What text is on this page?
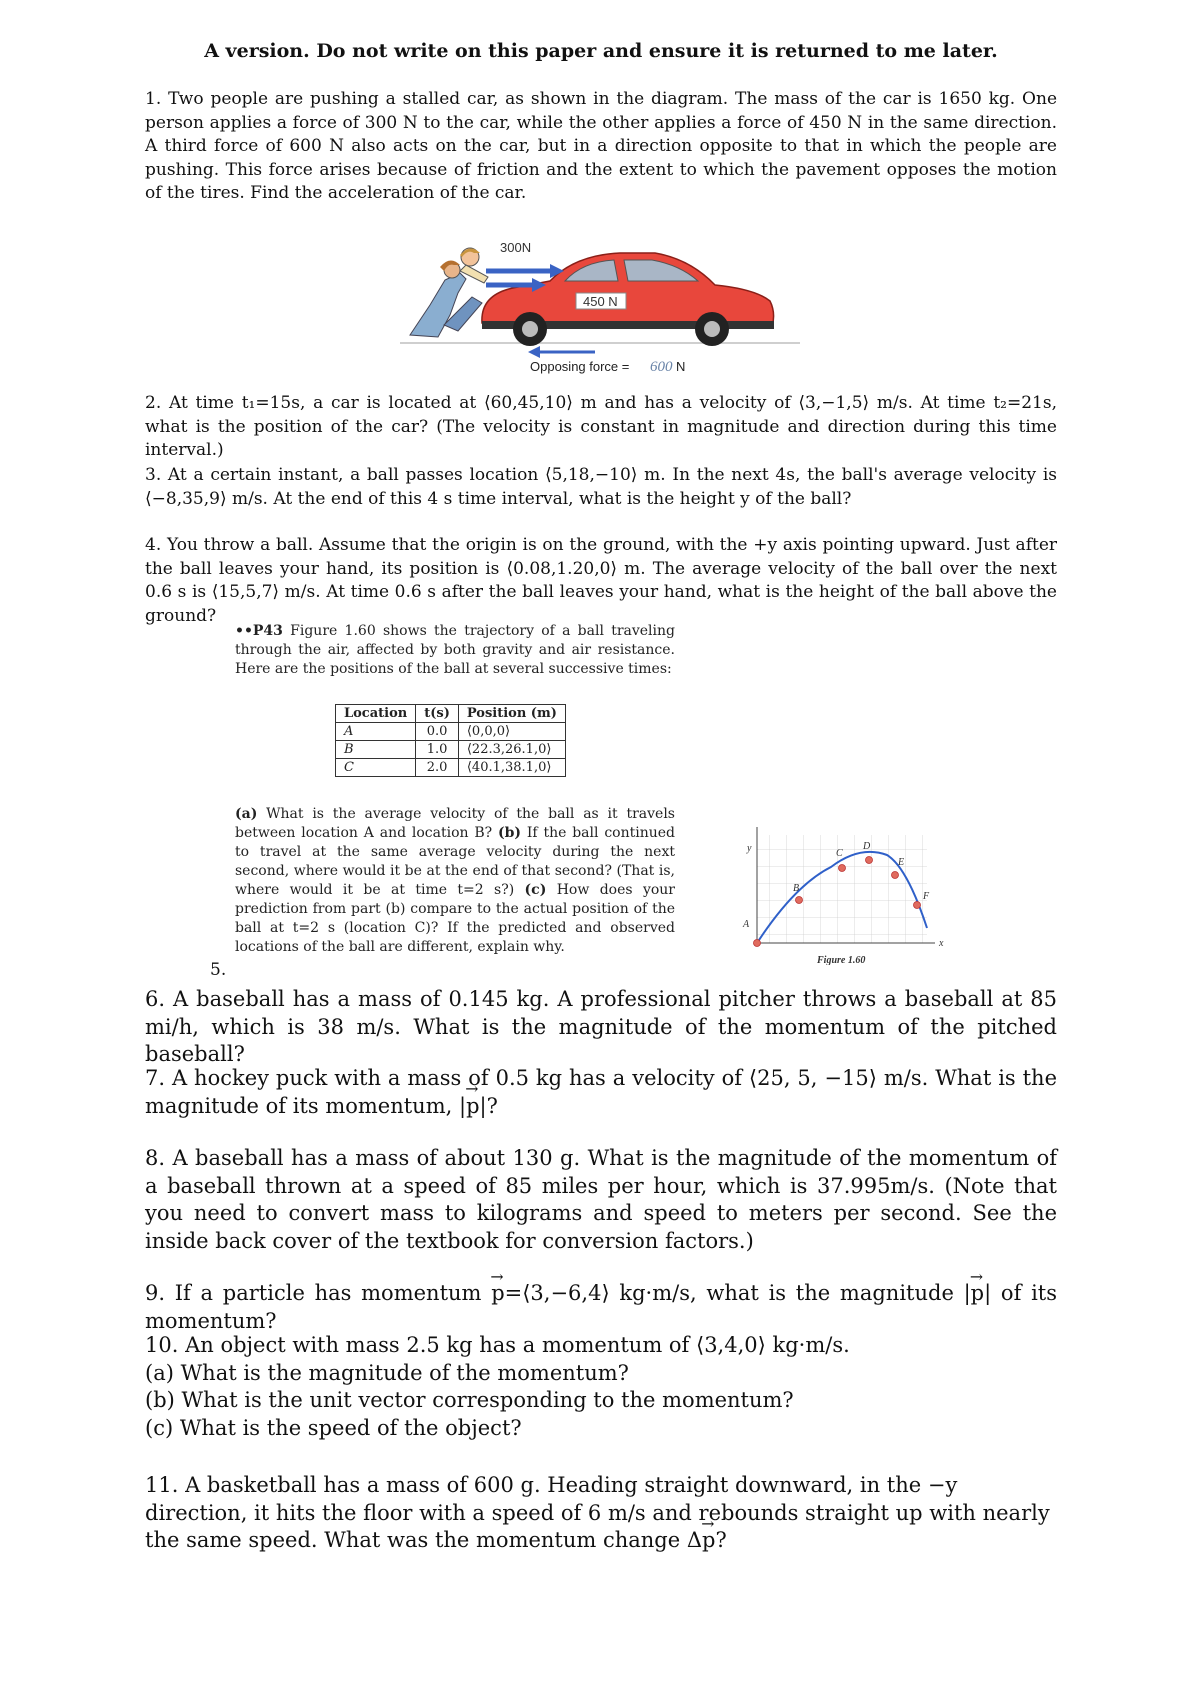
A version. Do not write on this paper and ensure it is returned to me later.

1. Two people are pushing a stalled car, as shown in the diagram. The mass of the car is 1650 kg. One person applies a force of 300 N to the car, while the other applies a force of 450 N in the same direction. A third force of 600 N also acts on the car, but in a direction opposite to that in which the people are pushing. This force arises because of friction and the extent to which the pavement opposes the motion of the tires. Find the acceleration of the car.

300N
450 N
Opposing force = 600 N

2. At time t₁=15s, a car is located at ⟨60,45,10⟩ m and has a velocity of ⟨3,−1,5⟩ m/s. At time t₂=21s, what is the position of the car? (The velocity is constant in magnitude and direction during this time interval.)

3. At a certain instant, a ball passes location ⟨5,18,−10⟩ m. In the next 4s, the ball's average velocity is ⟨−8,35,9⟩ m/s. At the end of this 4 s time interval, what is the height y of the ball?

4. You throw a ball. Assume that the origin is on the ground, with the +y axis pointing upward. Just after the ball leaves your hand, its position is ⟨0.08,1.20,0⟩ m. The average velocity of the ball over the next 0.6 s is ⟨15,5,7⟩ m/s. At time 0.6 s after the ball leaves your hand, what is the height of the ball above the ground?

••P43 Figure 1.60 shows the trajectory of a ball traveling through the air, affected by both gravity and air resistance. Here are the positions of the ball at several successive times:

Location	t(s)	Position (m)
A	0.0	⟨0,0,0⟩
B	1.0	⟨22.3,26.1,0⟩
C	2.0	⟨40.1,38.1,0⟩

(a) What is the average velocity of the ball as it travels between location A and location B? (b) If the ball continued to travel at the same average velocity during the next second, where would it be at the end of that second? (That is, where would it be at time t=2 s?) (c) How does your prediction from part (b) compare to the actual position of the ball at t=2 s (location C)? If the predicted and observed locations of the ball are different, explain why.

A
B
C
D
E
F
y
x
Figure 1.60
5.

6. A baseball has a mass of 0.145 kg. A professional pitcher throws a baseball at 85 mi/h, which is 38 m/s. What is the magnitude of the momentum of the pitched baseball?

7. A hockey puck with a mass of 0.5 kg has a velocity of ⟨25, 5, −15⟩ m/s. What is the magnitude of its momentum, |→ p|?

8. A baseball has a mass of about 130 g. What is the magnitude of the momentum of a baseball thrown at a speed of 85 miles per hour, which is 37.995m/s. (Note that you need to convert mass to kilograms and speed to meters per second. See the inside back cover of the textbook for conversion factors.)

9. If a particle has momentum → p=⟨3,−6,4⟩ kg·m/s, what is the magnitude |→ p| of its momentum?

10. An object with mass 2.5 kg has a momentum of ⟨3,4,0⟩ kg·m/s.
(a) What is the magnitude of the momentum?
(b) What is the unit vector corresponding to the momentum?
(c) What is the speed of the object?

11. A basketball has a mass of 600 g. Heading straight downward, in the −y direction, it hits the floor with a speed of 6 m/s and rebounds straight up with nearly the same speed. What was the momentum change Δ→ p?
